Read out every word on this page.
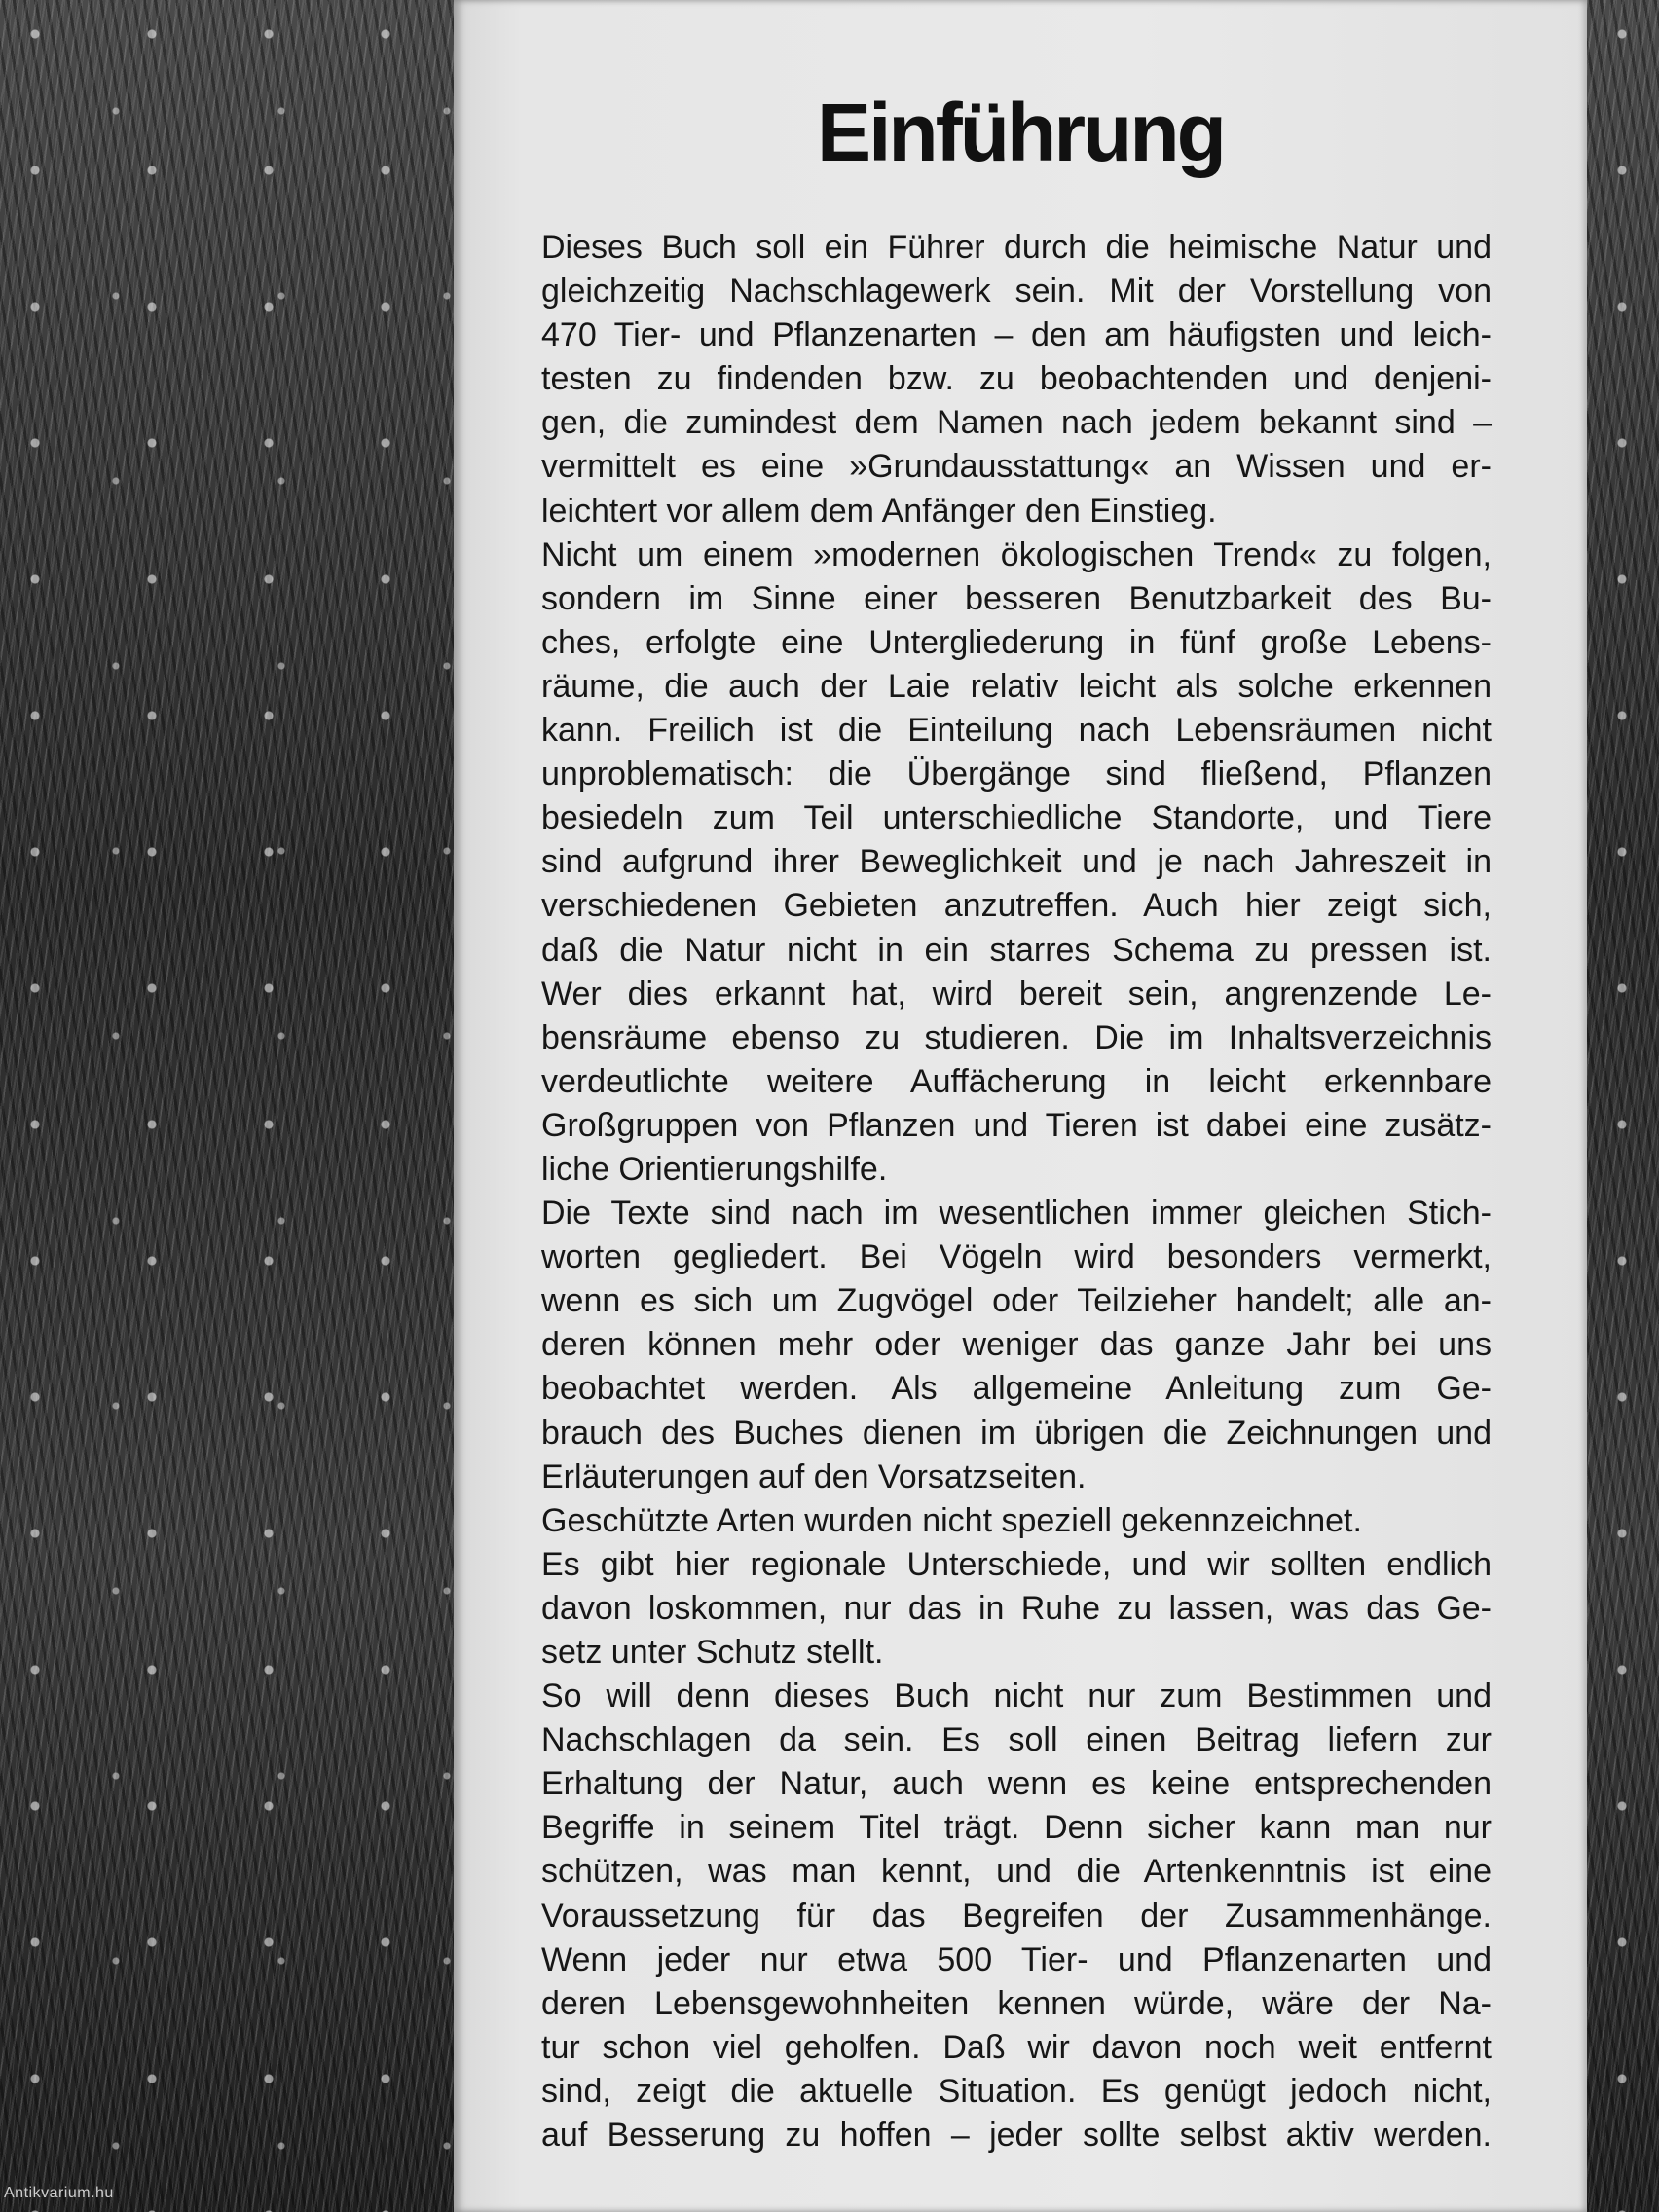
Einführung
Dieses Buch soll ein Führer durch die heimische Natur und
gleichzeitig Nachschlagewerk sein. Mit der Vorstellung von
470 Tier- und Pflanzenarten – den am häufigsten und leich-
testen zu findenden bzw. zu beobachtenden und denjeni-
gen, die zumindest dem Namen nach jedem bekannt sind –
vermittelt es eine »Grundausstattung« an Wissen und er-
leichtert vor allem dem Anfänger den Einstieg.
Nicht um einem »modernen ökologischen Trend« zu folgen,
sondern im Sinne einer besseren Benutzbarkeit des Bu-
ches, erfolgte eine Untergliederung in fünf große Lebens-
räume, die auch der Laie relativ leicht als solche erkennen
kann. Freilich ist die Einteilung nach Lebensräumen nicht
unproblematisch: die Übergänge sind fließend, Pflanzen
besiedeln zum Teil unterschiedliche Standorte, und Tiere
sind aufgrund ihrer Beweglichkeit und je nach Jahreszeit in
verschiedenen Gebieten anzutreffen. Auch hier zeigt sich,
daß die Natur nicht in ein starres Schema zu pressen ist.
Wer dies erkannt hat, wird bereit sein, angrenzende Le-
bensräume ebenso zu studieren. Die im Inhaltsverzeichnis
verdeutlichte weitere Auffächerung in leicht erkennbare
Großgruppen von Pflanzen und Tieren ist dabei eine zusätz-
liche Orientierungshilfe.
Die Texte sind nach im wesentlichen immer gleichen Stich-
worten gegliedert. Bei Vögeln wird besonders vermerkt,
wenn es sich um Zugvögel oder Teilzieher handelt; alle an-
deren können mehr oder weniger das ganze Jahr bei uns
beobachtet werden. Als allgemeine Anleitung zum Ge-
brauch des Buches dienen im übrigen die Zeichnungen und
Erläuterungen auf den Vorsatzseiten.
Geschützte Arten wurden nicht speziell gekennzeichnet.
Es gibt hier regionale Unterschiede, und wir sollten endlich
davon loskommen, nur das in Ruhe zu lassen, was das Ge-
setz unter Schutz stellt.
So will denn dieses Buch nicht nur zum Bestimmen und
Nachschlagen da sein. Es soll einen Beitrag liefern zur
Erhaltung der Natur, auch wenn es keine entsprechenden
Begriffe in seinem Titel trägt. Denn sicher kann man nur
schützen, was man kennt, und die Artenkenntnis ist eine
Voraussetzung für das Begreifen der Zusammenhänge.
Wenn jeder nur etwa 500 Tier- und Pflanzenarten und
deren Lebensgewohnheiten kennen würde, wäre der Na-
tur schon viel geholfen. Daß wir davon noch weit entfernt
sind, zeigt die aktuelle Situation. Es genügt jedoch nicht,
auf Besserung zu hoffen – jeder sollte selbst aktiv werden.
Antikvarium.hu
